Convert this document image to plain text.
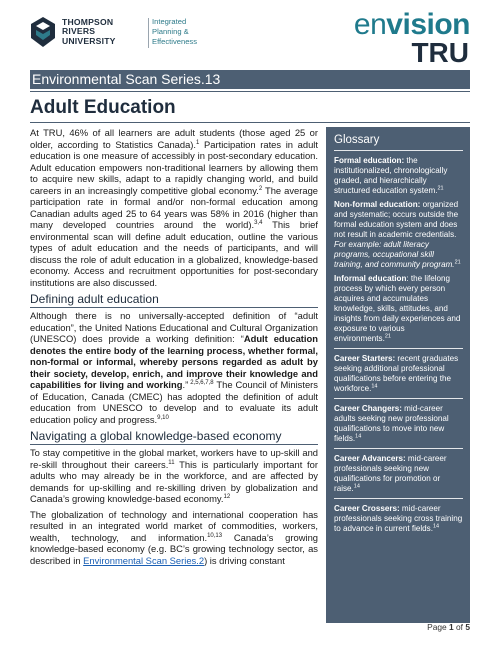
THOMPSON
RIVERS
UNIVERSITY
Integrated
Planning &
Effectiveness
envision
TRU
Environmental Scan Series.13
Adult Education

At TRU, 46% of all learners are adult students (those aged 25 or older, according to Statistics Canada).$^1$ Participation rates in adult education is one measure of accessibly in post-secondary education. Adult education empowers non-traditional learners by allowing them to acquire new skills, adapt to a rapidly changing world, and build careers in an increasingly competitive global economy.$^2$ The average participation rate in formal and/or non-formal education among Canadian adults aged 25 to 64 years was 58% in 2016 (higher than many developed countries around the world).$^{3,4}$ This brief environmental scan will define adult education, outline the various types of adult education and the needs of participants, and will discuss the role of adult education in a globalized, knowledge-based economy. Access and recruitment opportunities for post-secondary institutions are also discussed.

Defining adult education

Although there is no universally-accepted definition of “adult education”, the United Nations Educational and Cultural Organization (UNESCO) does provide a working definition: “Adult education denotes the entire body of the learning process, whether formal, non-formal or informal, whereby persons regarded as adult by their society, develop, enrich, and improve their knowledge and capabilities for living and working.” $^{2,5,6,7,8}$ The Council of Ministers of Education, Canada (CMEC) has adopted the definition of adult education from UNESCO to develop and to evaluate its adult education policy and progress.$^{9,10}$

Navigating a global knowledge-based economy

To stay competitive in the global market, workers have to up-skill and re-skill throughout their careers.$^{11}$ This is particularly important for adults who may already be in the workforce, and are affected by demands for up-skilling and re-skilling driven by globalization and Canada’s growing knowledge-based economy.$^{12}$

The globalization of technology and international cooperation has resulted in an integrated world market of commodities, workers, wealth, technology, and information.$^{10,13}$ Canada’s growing knowledge-based economy (e.g. BC’s growing technology sector, as described in Environmental Scan Series.2) is driving constant

Glossary
Formal education: the institutionalized, chronologically graded, and hierarchically structured education system.$^{21}$
Non-formal education: organized and systematic; occurs outside the formal education system and does not result in academic credentials. For example: adult literacy programs, occupational skill training, and community program.$^{21}$
Informal education: the lifelong process by which every person acquires and accumulates knowledge, skills, attitudes, and insights from daily experiences and exposure to various environments.$^{21}$
Career Starters: recent graduates seeking additional professional qualifications before entering the workforce.$^{14}$
Career Changers: mid-career adults seeking new professional qualifications to move into new fields.$^{14}$
Career Advancers: mid-career professionals seeking new qualifications for promotion or raise.$^{14}$
Career Crossers: mid-career professionals seeking cross training to advance in current fields.$^{14}$
Page 1 of 5
